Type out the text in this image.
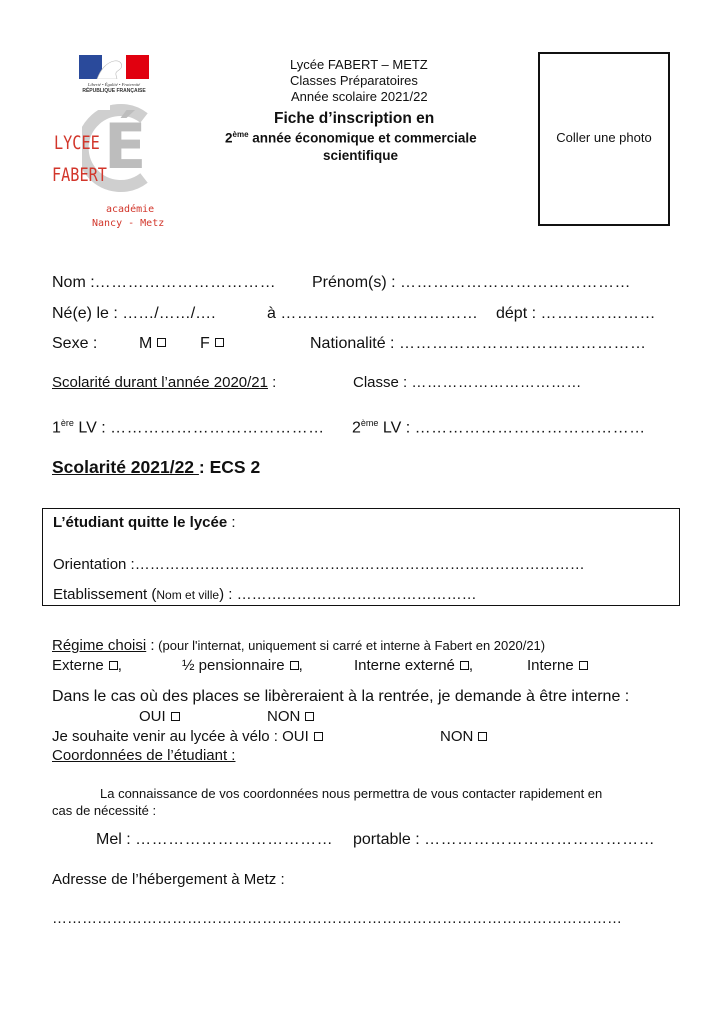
Liberté • Égalité • Fraternité
RÉPUBLIQUE FRANÇAISE
É
LYCEE
FABERT
académie
Nancy - Metz
Lycée FABERT – METZ
Classes Préparatoires
Année scolaire 2021/22
Fiche d’inscription en
2ème année économique et commerciale
scientifique
Coller une photo
Nom :…………………………… Prénom(s) : ……………………………………
Né(e) le : ……/……/….	à ……………………………… dépt : …………………
Sexe :	M	F	Nationalité : ………………………………………
Scolarité durant l’année 2020/21 :	Classe : ……………………………
1ère LV : ………………………………… 2ème LV : ……………………………………
Scolarité 2021/22 : ECS 2
L’étudiant quitte le lycée :
Orientation :………………………………………………………………………………
Etablissement (Nom et ville) : …………………………………………
Régime choisi : (pour l'internat, uniquement si carré et interne à Fabert en 2020/21)
Externe ,	½ pensionnaire ,	Interne externé ,	Interne
Dans le cas où des places se libèreraient à la rentrée, je demande à être interne :
OUI	NON
Je souhaite venir au lycée à vélo : OUI	NON
Coordonnées de l’étudiant :
La connaissance de vos coordonnées nous permettra de vous contacter rapidement en
cas de nécessité :
Mel : ……………………………… portable : ……………………………………
Adresse de l’hébergement à Metz :
……………………………………………………………………………………………………
